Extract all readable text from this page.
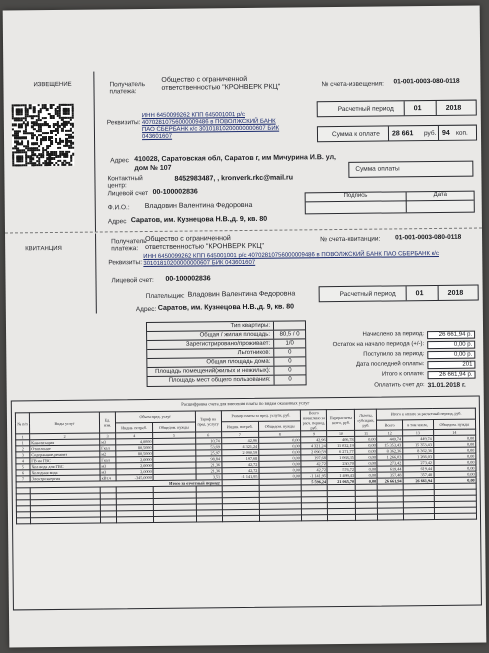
ИЗВЕЩЕНИЕ	Получатель платежа:
Общество с ограниченной ответственностью "КРОНВЕРК РКЦ"	№ счета-извещения: 01-001-0003-080-0118
Реквизиты:
ИНН 6450099262 КПП 645001001 р/с 40702810756000009486 в ПОВОЛЖСКИЙ БАНК ПАО СБЕРБАНК к/с 30101810200000000607 БИК 043601607
Расчетный период	01	2018
Сумма к оплате 28 661 руб. 94 коп.
Адрес 410028, Саратовская обл, Саратов г, им Мичурина И.В. ул, дом № 107
Контактный центр:
8452983487, , kronverk.rkc@mail.ru
Лицевой счет 00-100002836
Сумма оплаты
Подпись	Дата
Ф.И.О.: Владовин Валентина Федоровна
Адрес Саратов, им. Кузнецова Н.В.,д. 9, кв. 80
КВИТАНЦИЯ
Получатель платежа:
Общество с ограниченной ответственностью "КРОНВЕРК РКЦ"
№ счета-квитанции: 01-001-0003-080-0118
Реквизиты:
ИНН 6450099262 КПП 645001001 р/с 40702810756000009486 в ПОВОЛЖСКИЙ БАНК ПАО СБЕРБАНК к/с 30101810200000000607 БИК 043601607
Лицевой счет: 00-100002836
Расчетный период	01	2018
Плательщик: Владовин Валентина Федоровна
Адрес: Саратов, им. Кузнецова Н.В.,д. 9, кв. 80
Тип квартиры:
Общая / жилая площадь:	80,5 / 0
Зарегистрировано/проживает:	1/0
Льготников:	0
Общая площадь дома:	0
Площадь помещений(жилых и нежилых):	0
Площадь мест общего пользования:	0
Начислено за период:	26 661,94 р.
Остаток на начало периода (+/-):	0,00 р.
Поступило за период:	0,00 р.
Дата последней оплаты:	201
Итого к оплате:	26 661,94 р.
Оплатить счет до: 31.01.2018 г.
Расшифровка счета для внесения платы по видам оказанных услуг
№ п/п	Виды услуг	Ед. изм.	Объем пред. услуг		Тариф на пред. услугу	Размер платы за пред. услуги, руб.		Всего начислено за расч. период, руб.	Перерасчеты всего, руб.	Льготы, субсидии, руб.	Итого к оплате за расчетный период, руб.		
			Индив. потреб.	Общедом. нужды		Индив. потреб.	Общедом. нужды				Всего	в том числе,	Общедом. нужды
1	2	3	4	5	6	7	8	9	10	11	12	13	14
1	Канализация	м3	4,0000		10,74	42,96	0,00	42,96	406,78	0,00	449,74	449,74	0,00
2	Отопление	Гкал	80,5000		53,69	4 321,24	0,00	4 321,24	11 032,19	0,00	15 353,43	15 353,43	0,00
3	Содержание,ремонт	м2	80,5000		25,97	2 090,59	0,00	2 090,59	6 271,77	0,00	8 362,36	8 362,36	0,00
4	ГВ на ГВС	Гкал	2,0000		98,84	197,68	0,00	197,68	1 068,35	0,00	1 266,03	1 266,03	0,00
5	Хол.вода для ГВС	м3	2,0000		21,36	42,72	0,00	42,72	230,70	0,00	273,42	273,42	0,00
6	Холодная вода	м3	2,0000		21,36	42,72	0,00	42,72	576,72	0,00	619,44	619,44	0,00
7	Электроэнергия	кВт.ч	-345,0000		3,51	-1 141,95	0,00	-1 141,95	1 499,43	0,00	357,48	357,48	0,00
Итого за отчетный период:								5 596,24	21 065,70	0,00	26 661,94	26 661,94	0,00
